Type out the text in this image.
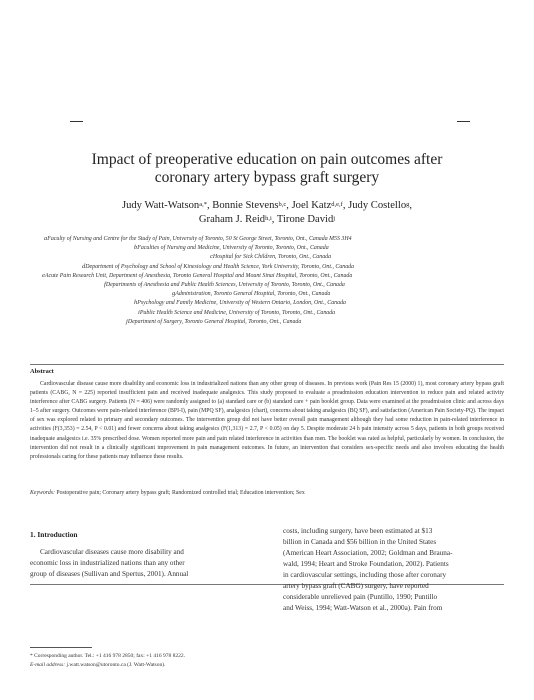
Impact of preoperative education on pain outcomes after
coronary artery bypass graft surgery
Judy Watt-Watson$^{a,*}$, Bonnie Stevens$^{b,c}$, Joel Katz$^{d,e,f}$, Judy Costello$^g$,
Graham J. Reid$^{h,i}$, Tirone David$^j$
$^a$Faculty of Nursing and Centre for the Study of Pain, University of Toronto, 50 St George Street, Toronto, Ont., Canada M5S 3H4
$^b$Faculties of Nursing and Medicine, University of Toronto, Toronto, Ont., Canada
$^c$Hospital for Sick Children, Toronto, Ont., Canada
$^d$Department of Psychology and School of Kinesiology and Health Science, York University, Toronto, Ont., Canada
$^e$Acute Pain Research Unit, Department of Anesthesia, Toronto General Hospital and Mount Sinai Hospital, Toronto, Ont., Canada
$^f$Departments of Anesthesia and Public Health Sciences, University of Toronto, Toronto, Ont., Canada
$^g$Administration, Toronto General Hospital, Toronto, Ont., Canada
$^h$Psychology and Family Medicine, University of Western Ontario, London, Ont., Canada
$^i$Public Health Science and Medicine, University of Toronto, Toronto, Ont., Canada
$^j$Department of Surgery, Toronto General Hospital, Toronto, Ont., Canada
Abstract
Cardiovascular disease cause more disability and economic loss in industrialized nations than any other group of diseases. In previous work (Pain Res 15 (2000) 1), most coronary artery bypass graft patients (CABG, N = 225) reported insufficient pain and received inadequate analgesics. This study proposed to evaluate a preadmission education intervention to reduce pain and related activity interference after CABG surgery. Patients (N = 406) were randomly assigned to (a) standard care or (b) standard care + pain booklet group. Data were examined at the preadmission clinic and across days 1–5 after surgery. Outcomes were pain-related interference (BPI-I), pain (MPQ SF), analgesics (chart), concerns about taking analgesics (BQ SF), and satisfaction (American Pain Society-PQ). The impact of sex was explored related to primary and secondary outcomes. The intervention group did not have better overall pain management although they had some reduction in pain-related interference in activities (F(3,353) = 2.54, P < 0.01) and fewer concerns about taking analgesics (F(1,313) = 2.7, P < 0.05) on day 5. Despite moderate 24 h pain intensity across 5 days, patients in both groups received inadequate analgesics i.e. 35% prescribed dose. Women reported more pain and pain related interference in activities than men. The booklet was rated as helpful, particularly by women. In conclusion, the intervention did not result in a clinically significant improvement in pain management outcomes. In future, an intervention that considers sex-specific needs and also involves educating the health professionals caring for these patients may influence these results.
Keywords: Postoperative pain; Coronary artery bypass graft; Randomized controlled trial; Education intervention; Sex
1. Introduction
Cardiovascular diseases cause more disability and
economic loss in industrialized nations than any other
group of diseases (Sullivan and Spertus, 2001). Annual
* Corresponding author. Tel.: +1 416 978 2850; fax: +1 416 978 8222.
E-mail address: j.watt.watson@utoronto.ca (J. Watt-Watson).
costs, including surgery, have been estimated at $13
billion in Canada and $56 billion in the United States
(American Heart Association, 2002; Goldman and Brauna-
wald, 1994; Heart and Stroke Foundation, 2002). Patients
in cardiovascular settings, including those after coronary
artery bypass graft (CABG) surgery, have reported
considerable unrelieved pain (Puntillo, 1990; Puntillo
and Weiss, 1994; Watt-Watson et al., 2000a). Pain from
